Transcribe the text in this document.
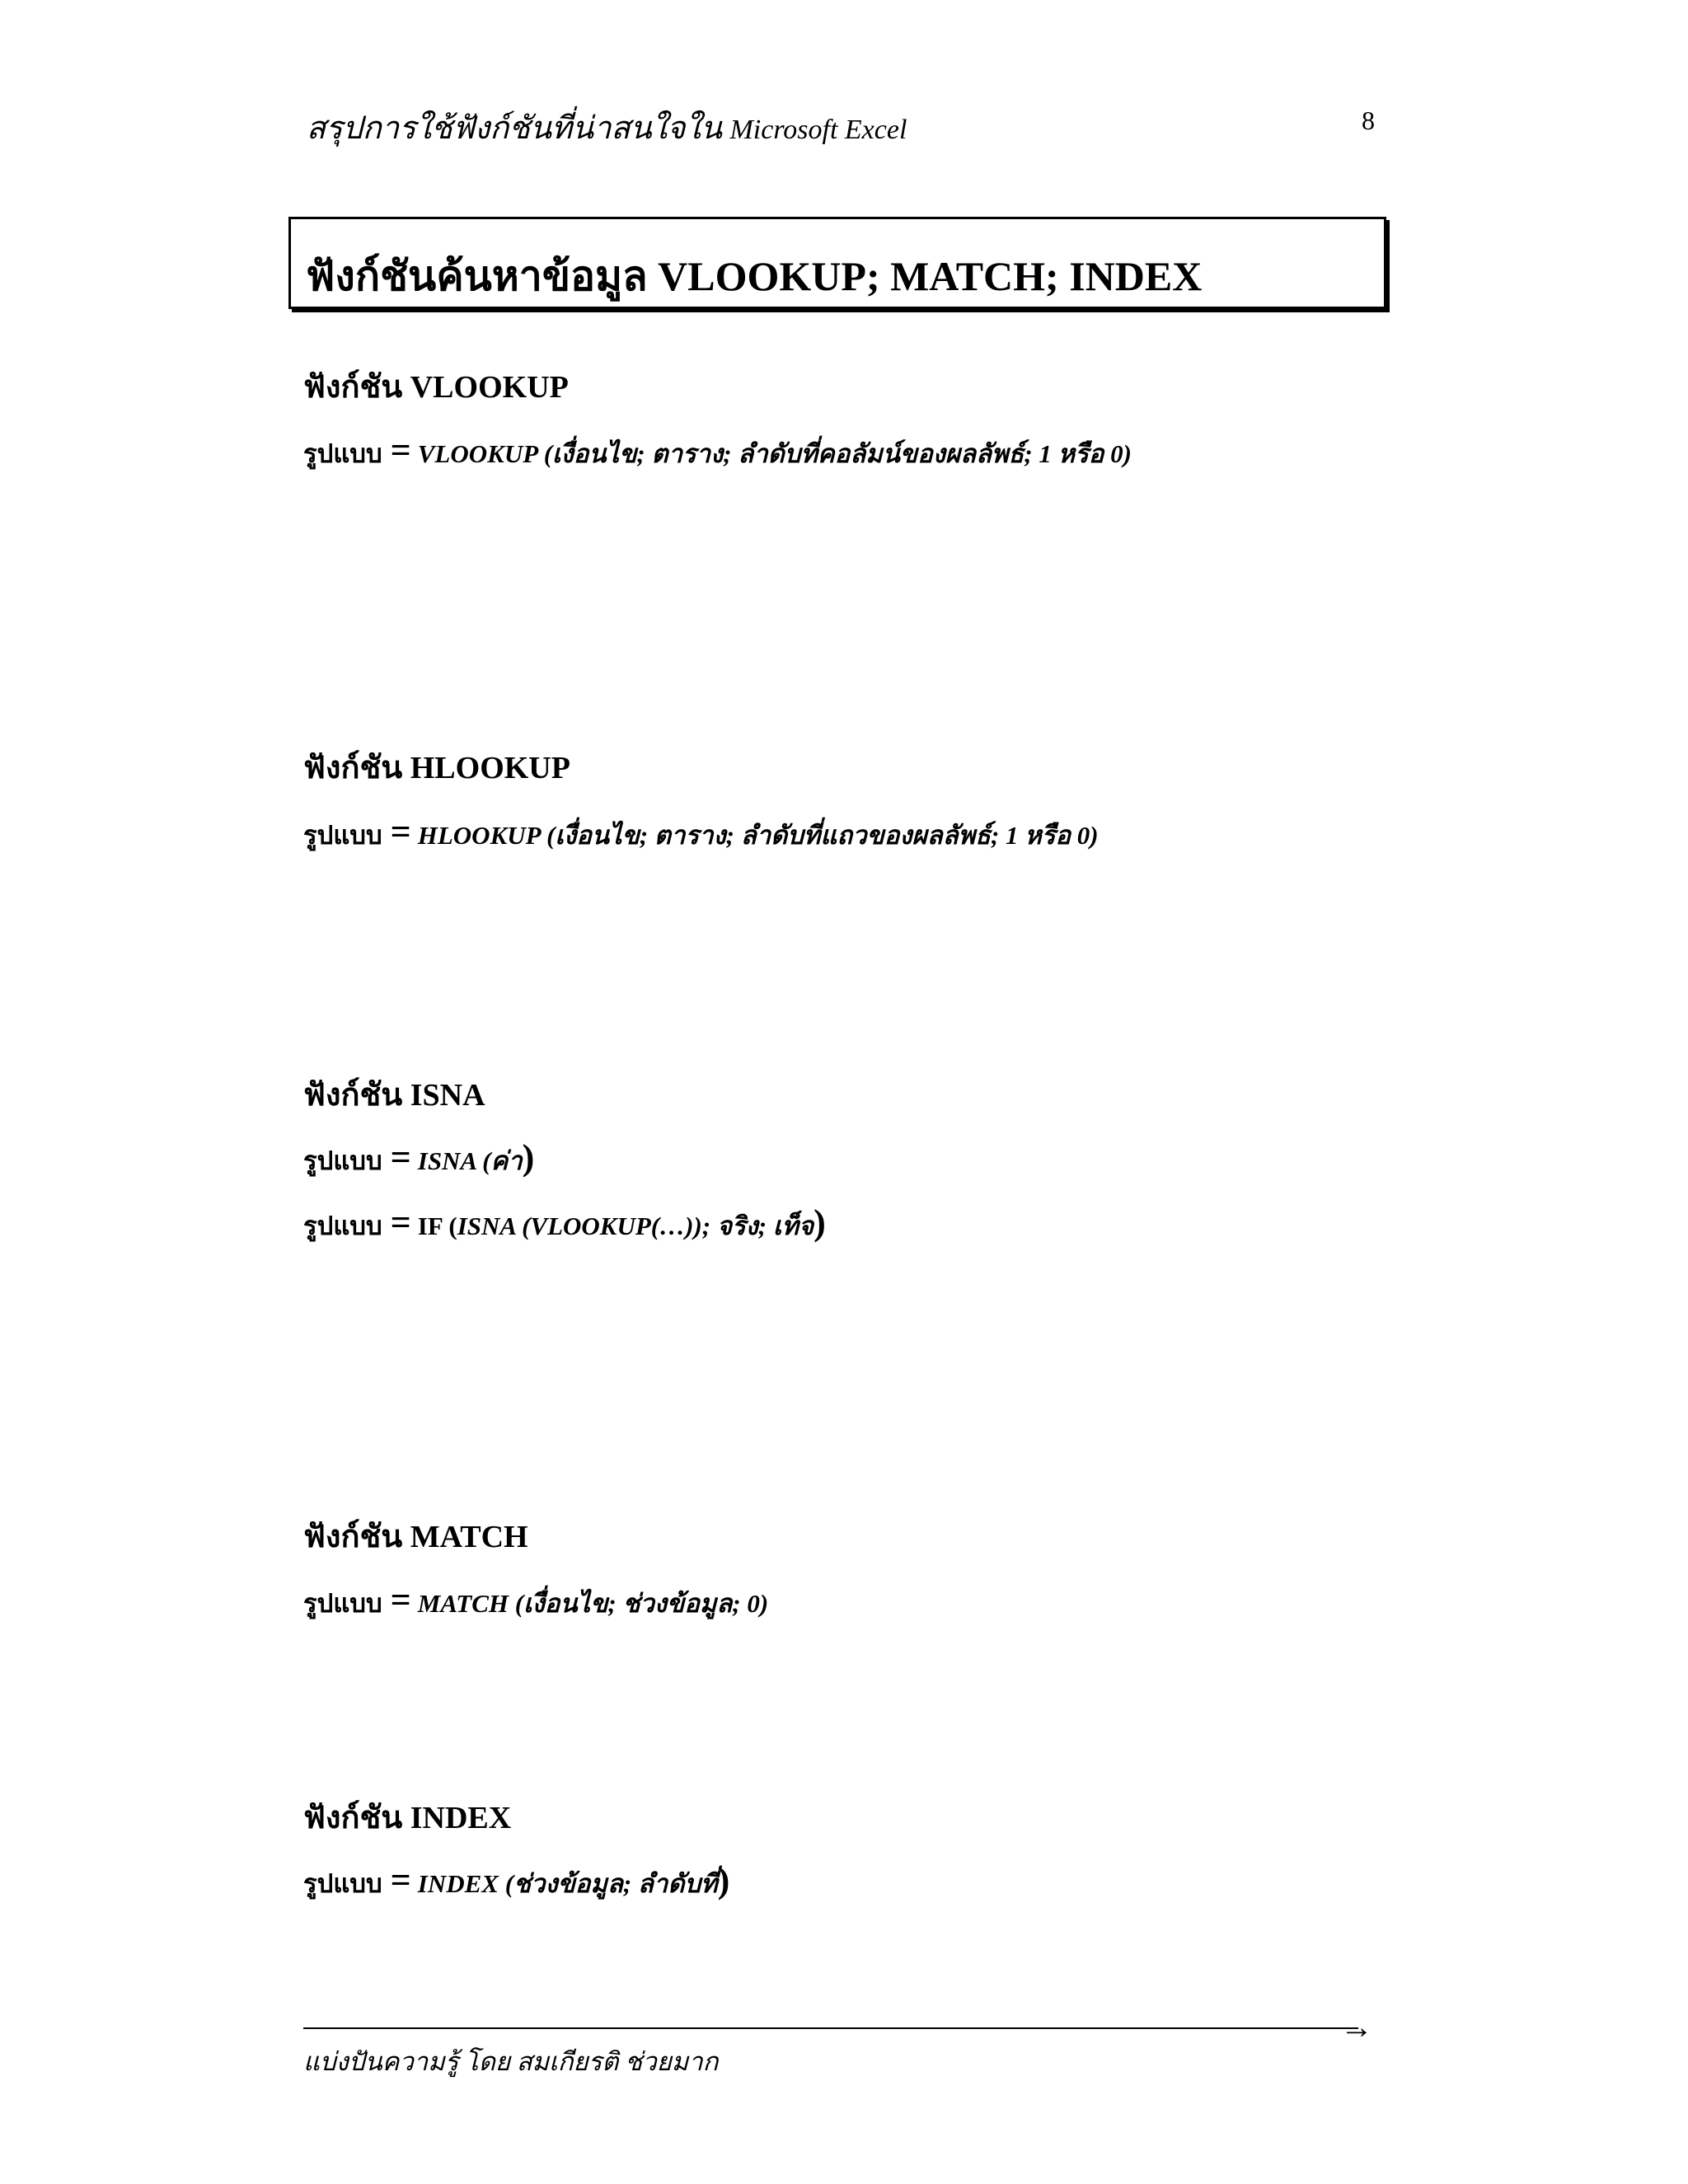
สรุปการใช้ฟังก์ชันที่น่าสนใจใน Microsoft Excel	8
ฟังก์ชันค้นหาข้อมูล VLOOKUP; MATCH; INDEX
ฟังก์ชัน VLOOKUP
รูปแบบ = VLOOKUP (เงื่อนไข; ตาราง; ลำดับที่คอลัมน์ของผลลัพธ์; 1 หรือ 0)
ฟังก์ชัน HLOOKUP
รูปแบบ = HLOOKUP (เงื่อนไข; ตาราง; ลำดับที่แถวของผลลัพธ์; 1 หรือ 0)
ฟังก์ชัน ISNA
รูปแบบ = ISNA (ค่า)
รูปแบบ = IF (ISNA (VLOOKUP(…)); จริง; เท็จ)
ฟังก์ชัน MATCH
รูปแบบ = MATCH (เงื่อนไข; ช่วงข้อมูล; 0)
ฟังก์ชัน INDEX
รูปแบบ = INDEX (ช่วงข้อมูล; ลำดับที่)
→
แบ่งปันความรู้ โดย สมเกียรติ ช่วยมาก
